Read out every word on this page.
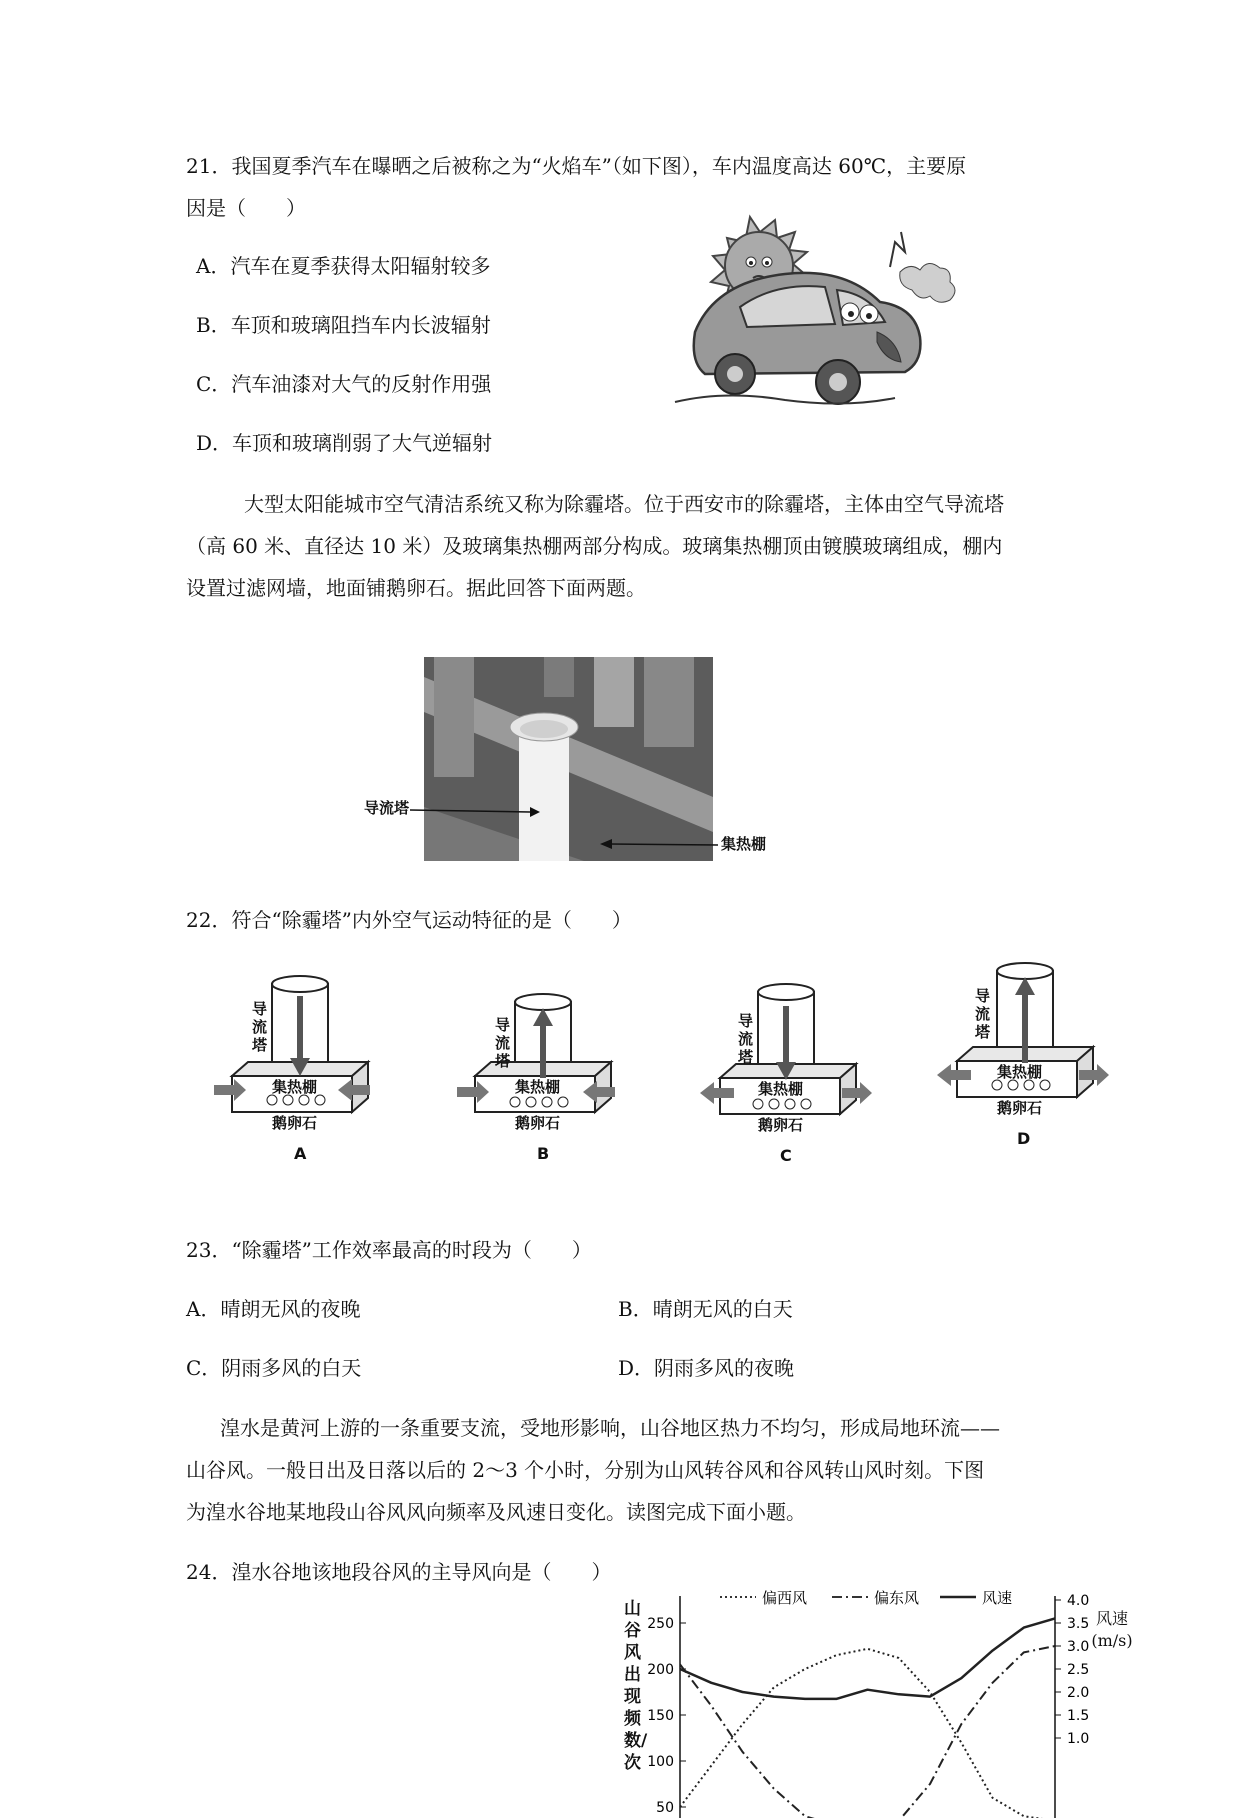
21．我国夏季汽车在曝晒之后被称之为“火焰车”（如下图），车内温度高达 60℃，主要原
因是（　　）
A．汽车在夏季获得太阳辐射较多
B．车顶和玻璃阻挡车内长波辐射
C．汽车油漆对大气的反射作用强
D．车顶和玻璃削弱了大气逆辐射
大型太阳能城市空气清洁系统又称为除霾塔。位于西安市的除霾塔，主体由空气导流塔
（高 60 米、直径达 10 米）及玻璃集热棚两部分构成。玻璃集热棚顶由镀膜玻璃组成，棚内
设置过滤网墙，地面铺鹅卵石。据此回答下面两题。
导流塔
集热棚
22．符合“除霾塔”内外空气运动特征的是（　　）
导流塔
集热棚
鹅卵石
A
导流塔
集热棚
鹅卵石
B
导流塔
集热棚
鹅卵石
C
导流塔
集热棚
鹅卵石
D
23．“除霾塔”工作效率最高的时段为（　　）
A．晴朗无风的夜晚	B．晴朗无风的白天
C．阴雨多风的白天	D．阴雨多风的夜晚
湟水是黄河上游的一条重要支流，受地形影响，山谷地区热力不均匀，形成局地环流——
山谷风。一般日出及日落以后的 2～3 个小时，分别为山风转谷风和谷风转山风时刻。下图
为湟水谷地某地段山谷风风向频率及风速日变化。读图完成下面小题。
24．湟水谷地该地段谷风的主导风向是（　　）
250
200
150
100
50
4.0
3.5
3.0
2.5
2.0
1.5
1.0
偏西风	偏东风	风速
山谷风出现频数/次
风速(m/s)
